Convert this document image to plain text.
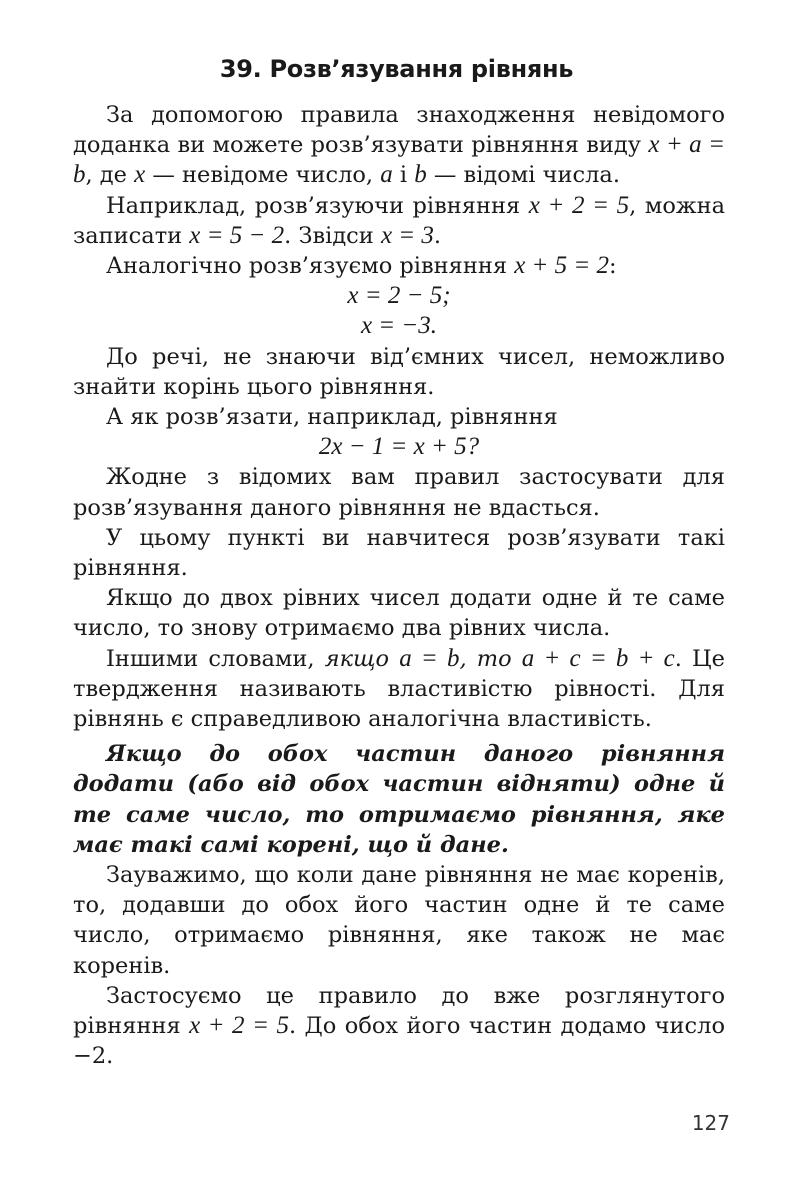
39. Розв’язування рівнянь

За допомогою правила знаходження невідомого доданка ви можете розв’язувати рівняння виду x + a = b, де x — невідоме число, a і b — відомі числа.

Наприклад, розв’язуючи рівняння x + 2 = 5, можна записати x = 5 − 2. Звідси x = 3.

Аналогічно розв’язуємо рівняння x + 5 = 2:

x = 2 − 5;

x = −3.

До речі, не знаючи від’ємних чисел, неможливо знайти корінь цього рівняння.

А як розв’язати, наприклад, рівняння

2x − 1 = x + 5?

Жодне з відомих вам правил застосувати для розв’язування даного рівняння не вдасться.

У цьому пункті ви навчитеся розв’язувати такі рівняння.

Якщо до двох рівних чисел додати одне й те саме число, то знову отримаємо два рівних числа.

Іншими словами, якщо a = b, то a + c = b + c. Це твердження називають властивістю рівності. Для рівнянь є справедливою аналогічна властивість.

Якщо до обох частин даного рівняння додати (або від обох частин відняти) одне й те саме число, то отримаємо рівняння, яке має такі самі корені, що й дане.

Зауважимо, що коли дане рівняння не має коренів, то, додавши до обох його частин одне й те саме число, отримаємо рівняння, яке також не має коренів.

Застосуємо це правило до вже розглянутого рівняння x + 2 = 5. До обох його частин додамо число −2.

127
